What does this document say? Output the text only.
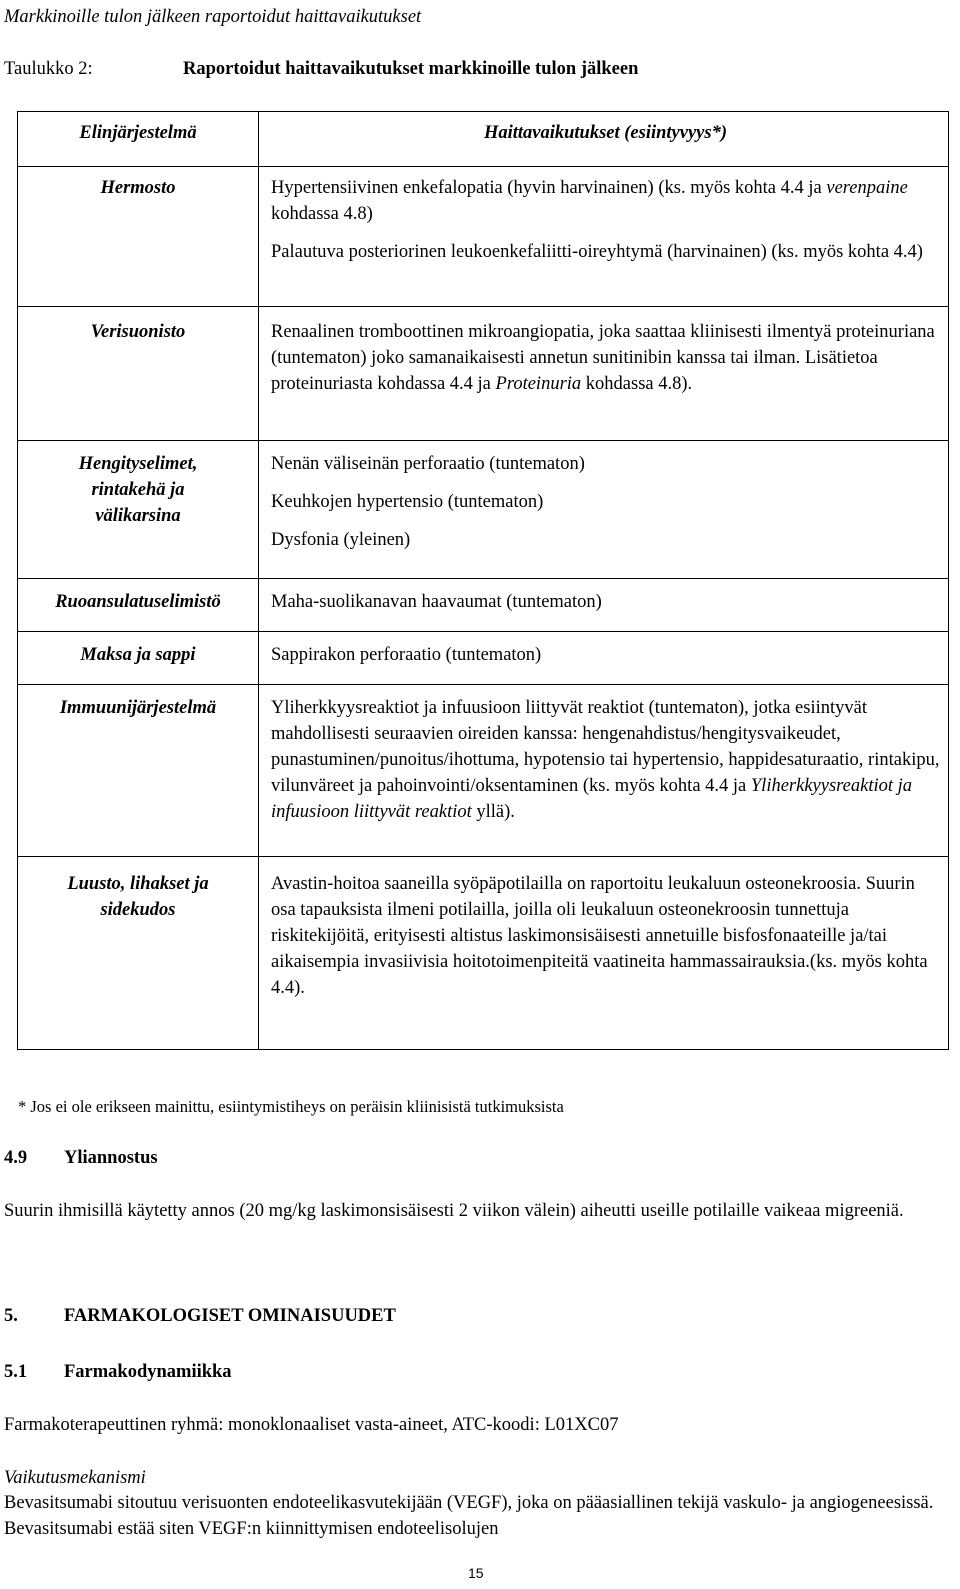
Markkinoille tulon jälkeen raportoidut haittavaikutukset
Taulukko 2:	Raportoidut haittavaikutukset markkinoille tulon jälkeen
Elinjärjestelmä	Haittavaikutukset (esiintyvyys*)
Hermosto	Hypertensiivinen enkefalopatia (hyvin harvinainen) (ks. myös kohta 4.4 ja verenpaine kohdassa 4.8)

Palautuva posteriorinen leukoenkefaliitti-oireyhtymä (harvinainen) (ks. myös kohta 4.4)

Verisuonisto	Renaalinen tromboottinen mikroangiopatia, joka saattaa kliinisesti ilmentyä proteinuriana (tuntematon) joko samanaikaisesti annetun sunitinibin kanssa tai ilman. Lisätietoa proteinuriasta kohdassa 4.4 ja Proteinuria kohdassa 4.8).

Hengityselimet, rintakehä ja välikarsina	Nenän väliseinän perforaatio (tuntematon)

Keuhkojen hypertensio (tuntematon)

Dysfonia (yleinen)

Ruoansulatuselimistö	Maha-suolikanavan haavaumat (tuntematon)

Maksa ja sappi	Sappirakon perforaatio (tuntematon)

Immuunijärjestelmä	Yliherkkyysreaktiot ja infuusioon liittyvät reaktiot (tuntematon), jotka esiintyvät mahdollisesti seuraavien oireiden kanssa: hengenahdistus/hengitysvaikeudet, punastuminen/punoitus/ihottuma, hypotensio tai hypertensio, happidesaturaatio, rintakipu, vilunväreet ja pahoinvointi/oksentaminen (ks. myös kohta 4.4 ja Yliherkkyysreaktiot ja infuusioon liittyvät reaktiot yllä).

Luusto, lihakset ja sidekudos	Avastin-hoitoa saaneilla syöpäpotilailla on raportoitu leukaluun osteonekroosia. Suurin osa tapauksista ilmeni potilailla, joilla oli leukaluun osteonekroosin tunnettuja riskitekijöitä, erityisesti altistus laskimonsisäisesti annetuille bisfosfonaateille ja/tai aikaisempia invasiivisia hoitotoimenpiteitä vaatineita hammassairauksia.(ks. myös kohta 4.4).

* Jos ei ole erikseen mainittu, esiintymistiheys on peräisin kliinisistä tutkimuksista
4.9 Yliannostus
Suurin ihmisillä käytetty annos (20 mg/kg laskimonsisäisesti 2 viikon välein) aiheutti useille potilaille vaikeaa migreeniä.
5. FARMAKOLOGISET OMINAISUUDET
5.1 Farmakodynamiikka
Farmakoterapeuttinen ryhmä: monoklonaaliset vasta-aineet, ATC-koodi: L01XC07
Vaikutusmekanismi
Bevasitsumabi sitoutuu verisuonten endoteelikasvutekijään (VEGF), joka on pääasiallinen tekijä vaskulo- ja angiogeneesissä. Bevasitsumabi estää siten VEGF:n kiinnittymisen endoteelisolujen
15
